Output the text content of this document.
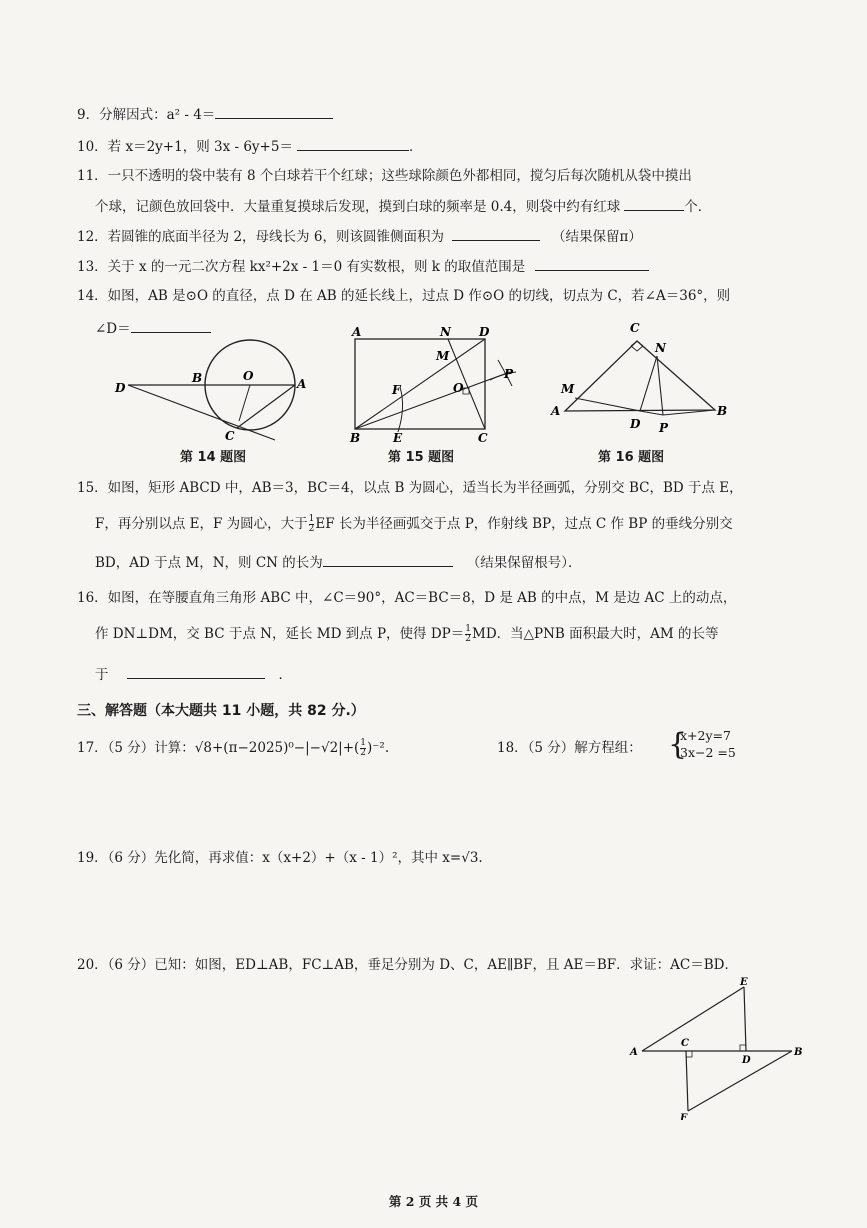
9．分解因式：a² - 4＝
10．若 x＝2y+1，则 3x - 6y+5＝	．
11．一只不透明的袋中装有 8 个白球若干个红球；这些球除颜色外都相同，搅匀后每次随机从袋中摸出
个球，记颜色放回袋中．大量重复摸球后发现，摸到白球的频率是 0.4，则袋中约有红球	个．
12．若圆锥的底面半径为 2，母线长为 6，则该圆锥侧面积为	（结果保留π）
13．关于 x 的一元二次方程 kx²+2x - 1＝0 有实数根，则 k 的取值范围是
14．如图，AB 是⊙O 的直径，点 D 在 AB 的延长线上，过点 D 作⊙O 的切线，切点为 C，若∠A＝36°，则
∠D＝
D
B	O
A
C
A	N D
M
F	O
P
B	E	C
C
N
M
A
D P
B
第 14 题图	第 15 题图	第 16 题图
15．如图，矩形 ABCD 中，AB＝3，BC＝4，以点 B 为圆心，适当长为半径画弧，分别交 BC，BD 于点 E，
F，再分别以点 E，F 为圆心，大于 $\frac{1}{2}$ EF 长为半径画弧交于点 P，作射线 BP，过点 C 作 BP 的垂线分别交
BD，AD 于点 M，N，则 CN 的长为	（结果保留根号）．
16．如图，在等腰直角三角形 ABC 中，∠C＝90°，AC＝BC＝8，D 是 AB 的中点，M 是边 AC 上的动点，
作 DN⊥DM，交 BC 于点 N，延长 MD 到点 P，使得 $DP= \frac{1}{2}$ MD．当△PNB 面积最大时，AM 的长等
于	．
三、解答题（本大题共 11 小题，共 82 分.）
17．（5 分）计算：$√8+(\pi-2025)^0-|-√2|+( \frac{1}{2} )^{-2}$.	18．（5 分）解方程组： {
x+2y=7
3x−2 =5
19．（6 分）先化简，再求值：x（x+2）+（x - 1）²，其中 x=√3.
20．（6 分）已知：如图，ED⊥AB，FC⊥AB，垂足分别为 D、C，AE∥BF，且 AE＝BF．求证：AC＝BD．
E
A
C
D
B
F
第 2 页 共 4 页
